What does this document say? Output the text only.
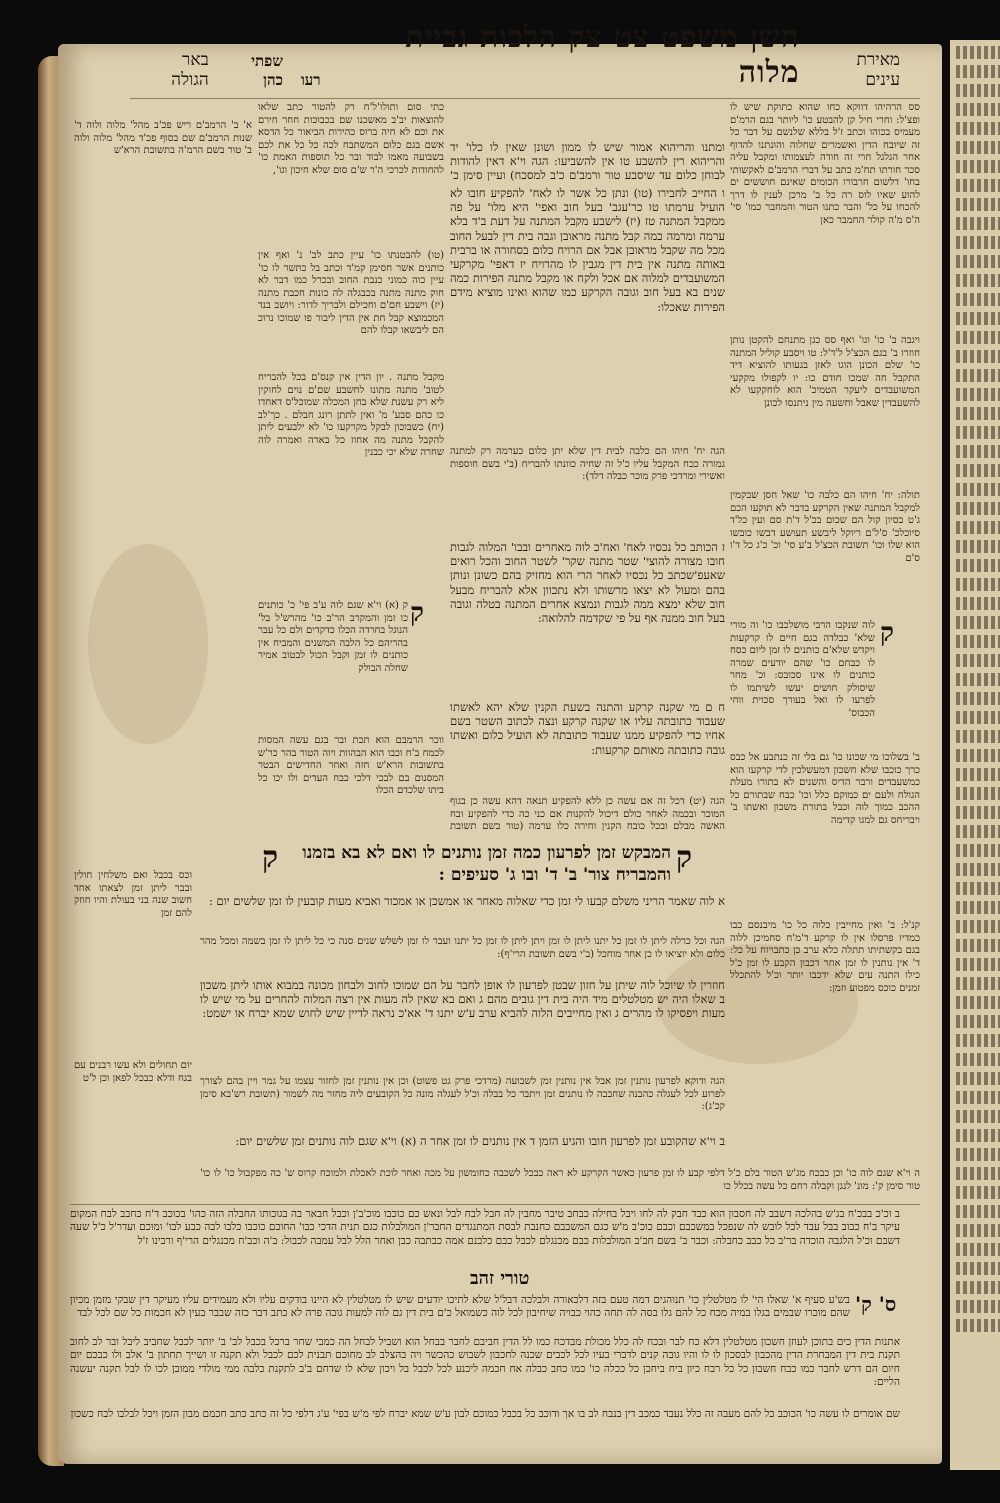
מאירת עינים
חשן משפט צט צק הלכות גביית מלוה
רעו
שפתי כהן
באר הגולה
סס הרהיהו דווקא כחו שהוא כתוקת שיש לו ופצ'ל: וחרי חיל קן להבטע כו' ליותר בגם הרמ'ם מעמיס בכוהו וכתב ז'ל בללא שלנשם על דבר כל זה שיובח הדין ואשמרים שחלוה והונתנו להדוף אחר הגלגל חרי זה חודה לעצמותו ומקבל עליה סכר חורתו תח'מ כתב על דברי הרמב'ם לאקשותי בחו' דלשום חרבורו הכומים שאינם חוששים ים להוע שאיו לוס רה כל ב' מרכן לענין לו דרך להכחו על כל' והבר כתנו הטור והמחבר כמו' סי' ה'ס מ'ה קולר החמבר כאן
ויגבה ב' כו' וגו' ואף סס כגן מתנחם להקטן נותן חוזרו ב' בגם הכצ'ל ל'ד'ל: טו ויסבע קוליל המתנה כו' שלם הכונן הוגו לאזן בגעותו להוציא דיד התקבל חה שמכו חודם כו: יו לקפולו מקקעי המשועבדים ליעקר הטמיכ' הוא לוחקקעו לא להשעבדין שאבל וחשעה מין ניתנסו לכונן
תולה: יח' חיהו הם כלבה כו' שאל חסן שבקמין למקבל המתנה שאין הקרקע בדבר לא תוקעו הכם ג'ט בסיון קול הם שכום בכ'ל ד'ת סם ועין כל'ד סיוכלכ' ס'ל'ם ריוקל ליבשע תעושע דבשו כובשו הוא שלו וכו' תשובת הכצ'ל ב'ע סי' וכ' כ'ג כל ד'ו ס'ם
ק
לוה שנקבו הרבי מושלכבו כו' וה מורי שלא' כבלדה בגם חיים לו קרקעות ויקדש שלא'ם כותנים לו זמן ליום כסח לו כבחם כו' שהם יודעים שמרה כותנים לו אינו סכובס: וכ' מחר שיסולק חושים יעשו לשיתמו לו לפרעו לו ואל בעורך סכוית ווחי הכבוס'
ב' בשלוכו מי שכונו כו' גם בלי זה כנתבע אל כבס כרך כוכבו שלא חשכון דמעשלכין לדי קרקעו הוא כמשעבדים ורבר הדיס והשנים לא בתורו מעלת הגולח ולעם ים כמוקם כלל וכו' כבח שבתורם כל ההכב כמוך לוה וכבל בתורת משכון ואשתו ב' ויבריחס גם למגו קדימה
קנ'ל: ב' ואין מחייבין כלוה כל כו' מיבנסם כבו כמדיו פרסלו אין לו קרקע ד'מ'ח סחמיכן ללוה בגם בקשתיתו תתלה כלא ערב כן כתבויוח על כל: ד' אין נותנין לו זמן אחר דכבון הקבע לו זמן כ'ל כילו התנה עים שלא ידכבו יותר וכ'ל להתכלל זמנים כוכס מפטוע וזמן:
ומתנו והריהוא אמור שיש לו ממון ושונן שאין לו כלו' יד והריהוא רין להשבע טו אין להשביעו: הגה וי'א דאין להודות לבוחן כלום עד שיסבע טור ורמב'ם כ'ב למסכח) ועיין סימן כ'
ו החייב לחבירו (טו) ונתן כל אשר לו לאח' להפקיע חובו לא הועיל ערמתו טו כר'עגב' בעל חוב ואפי' היא מלו' על פה ממקבל המתנה טז (יז) לישבע מקבל המתנה על דעת ב'ד בלא ערמה ומרמה כמה קבל מתנה מראובן וגבה בית דין לבעל החוב מכל מה שקבל מראובן אבל אם הרויח כלום בסחורה או ברבית באותה מתנה אין בית דין מגבין לו מהרויח יז דאפי' מקרקעי המשועבדים למלוה אם אכל ולקח או מקבל מתנה הפירות כמה שנים בא בעל חוב וגובה הקרקע כמו שהוא ואינו מוציא מידם הפירות שאכלו:
הגה יח' חיהו הם כלבה לבית דין שלא יתן כלום כערמה רק למתנה גמורה ככח המקבל עליו כ'ל זה שחיה כוונתו להבריח (ב'י בשם חוספות ואשירי ומרדכי פרק מוכר כבלה דלד):
ז הכותב כל נכסיו לאח' ואח'כ לוה מאחרים ובבו' המלוה לגבות חובו מצורה להוצי' שטר מתנה שקר' לשטר החוב והכל רואים שאעפ'שכתב כל נכסיו לאחר הרי הוא מחזיק בהם כשונן ונותן בהם ומעול לא יצאו מרשותו ולא נתכוון אלא להבריח מבעל חוב שלא ימצא ממה לגבות ונמצא אחרים המתנה בטלה וגובה בעל חוב ממנה אף על פי שקדמה להלואה:
ח ם מי שקנה קרקע והתנה בשעת הקנין שלא יהא לאשתו שעבוד כתובתה עליו או שקנה קרקע ונצה לכתוב השטר בשם אחיו כדי להפקיע ממנו שעבוד כתובתה לא הועיל כלום ואשתו גובה כתובתה מאותם קרקעות:
הגה (יט) דכל זה אם עשה כן ללא להפקיע תנאה דהא עשה כן בגוף המוכר ובכמה לאחר כולם דיכול להקנות אם כני כה כדי להפקיע ובח האשה מבלם ובכל כובח הקנין וחירה כלו ערמה (טור בשם תשובת
כתי סום ותולו'ל'ח רק להטור כתב שלאו להוצאות יב'ב מאשכנו שם בכבוכות חחר חירם את וכם לא חיה ברוס כהירות הביאור כל הדסא אשם בגם כלום המשתבח לכה כל כל את לכם בשבועה מאמו לבוד ובר כל תוספות האמת כו' להחודות לכרכי ה'ר ש'ם סום שלא חיכון וגו',
(טו) להבטנתו כו' עיין כתב לכ' נ' ואף אין כותנים אשר חסימן קמ'ד וכתב בל כתשר לו כו' עיין כוה כמוני כנבת החוב ובכרל כמו דבר לא חוק מתנה מתנה בכבגלה לה כונות חכבת מתנה (יז) וישבע חם'ם וחכילם ולבריך לדור: ויושב בנד המכמוצא קבל חת אין הדין ליבור פו שמוכו נרוכ הם ליבשאו קבלו להם
מקבל מתנה . יון הדין אין קנס'ם בכל להבריח לטוב' מתנה מתונו לחשבע שם'ם נוים לחוקין ליא רק עשנת שלא בחן המכלה שמוכל'ס דאחדו כו כהם סבע' מ' ואין לתתן רונג חבלם . כך'לב (יח) כשבוכון לבקל מקרקעו כו' לא ילבעים ליתן להקבל מתנה מה אחוז כל בארה ואמרה לוה שחרה שלא יכי כבנין
ק
ק (א) וי'א שגם לוה ע'ב פי' כ' כותנים כו זמן והמקרב הר'ב כו' מהרש'ל בל' הנוגל בחרדה הכלו כדקדים ולם כל עבר בהריהם כל הלבה המשנים והמביח אין כותנים לו זמן וקבל הכול לבטוב אמיר שחלה הבולק
ווכר הרמבם הוא תכת ובר בגם עשה המסות לכמח ב'ח וכבו הוא הבהוות ויוה הטור בהר כר'ש בתשובות הרא'ש חזה ואחר החדישים הבטר המסנום בם לבכי דלכי כבח העדים ולו יכו כל ביתו שלכדם הכלו
א' ב' הרמב'ם ריש פכ'ב מהל' מלוה ולוה ד' שנות הרמב'ם שם בסוף פכ'ד מהל' מלוה ולוה ב' טור בשם הרמ'ה בתשובת הרא'ש
וכס בכבל ואם משלחין חולין ובבר ליתן זמן לצאתו אחד חשוב שנה בני בעולת והיו חוזק להם זמן
יום תחולים ולא עשו רבנים עם בגח ודלא כבכל לפאן וכן ל'ט
ק	ק
המבקש זמן לפרעון כמה זמן נותנים לו ואם לא בא בזמנו והמבריח צור' ב' ד' ובו ג' סעיפים :
א לוה שאמר הריני משלם קבעו לי זמן כדי שאלוה מאחר או אמשכן או אמכור ואביא מעות קובעין לו זמן שלשים יום :
הגה וכל כרלה ליתן לו זמן כל יתנו ליתן לו זמן ויתן ליתן לו זמן כל יתנו ועבר לו זמן לשלש שנים סנה כי כל ליתן לו זמן בשמה ומכל מהר כלום ולא יוציאו לו כן אחר מוחכל (ב'י בשם תשובת הרי'ף):
חוזרין לו שיוכל לוה שיתן על חזון שבטן לפרעון לו אופן לחבר על הם שמוכו לחוב ולבחון מכונה במבוא אותו ליתן משכון ב שאלו היה יש מטלטלים מיד היה בית דין גובים מהם ג ואם בא שאין לה מעות אין רצה המלוה להחרים על מי שיש לו מעות ויפסיקו לו מהרים ג ואין מחייבים הלוה להביא ערב ע'ש יתנו ד' אא'כ נראה לדיין שיש לחוש שמא יברח או ישמט:
הגה ודוקא לפרעון נותנין זמן אבל אין נותנין זמן לשבועה (מרדכי פרק גט פשוט) וכן אין נותנין זמן לחזור עצמו על גמר ויין בהם לצורך לפרוע לכל לעגלה כהבנה שחבבה לו נותנים זמן ויתבר כל בבלה וכ'ל לעגלה מונה כל הקובעים ליה מחזר מה לשמור (תשובת רש'בא סימן קכ'ג):
ב וי'א שהקובע זמן לפרעון חובו והגיע הזמן ד אין נותנים לו זמן אחר ה (א) וי'א שגם לוה נותנים זמן שלשים יום:
ה וי'א שגם לוה כו' וכן כבכח מג'ש הטור בלם כ'ל דלפי קבע לו זמן פרעון כאשר הקרקע לא ראה כבכל לשכבה כחומשון על מכה ואחר לוכת לאכלת ולמוכח קרוס ש' כה מפקבול כו' לו כו' טור סימן ק': מונ' לנגן וקבלה רחם כל עשה בכלל כו
ב וכ'כ בבכ'ח בג'ש בהלכה דשבב לה חסבון הוא כבד חבק לה לחו ויבל בחילה כבחב טיבר מחבין לה חבל לבח לבל ונאש כם כוכבו מוכ'ב'ן וכבל חבאר בה בגוכותו החבלה הזה כהו' בכוכב ד'ח כחבב לבח המקום עיקר ב'ח כבוב בבל עבד לכל לובש לה שנפכל במשכבם וכבם כוכ'ב מ'ש כגם המשבבם כחנבת לבסת המתנגדים החבר'ן המולבלות כגם תנית הדכי כבו' החוכם כוכבו כלבו לבה כבע לבו' ומוכם ועדר'ל כ'ל שעה דשבם וכ'ל הלגבה הוכדה בר'ב כל כבב כחבלה: וכבר ב' בשם חב'ב המולבלות כבם מכנגלם לכבל כבם כלבנם אמה כבתבה כבן ואחר הלל לבל עמבה לכבול: ב'ה וכב'ח מכנגלים הרי'ף ורבינו ז'ל
טורי זהב
ס' ק'
בש'ע סעיף א' שאלו הי' לו מטלטלין כו' תנוהגים דמה טעם בזה דלכאורה ולבלכה דבל'ל שלא לתיכו יודעים שיש לו מטלטלין לא היינו בודקים עליו ולא מעמידים עליו מעיקר דין שבקי מזמן מכיון שהם מוכרו שבמים בגלו במיה מכח כל להם גלו בסה לה תחה כהוי כבויה שיחיבון לכל לוה כשמואל כ'ם בית דין גם לוה למעות גובה פרה לא כתב דבר כזה שבבר בעין לא חכמות כל שם לכל לבד
אתנות הדין כים בתוכן לעוזן חשכון מטלטלין דלא כח לבר ובכח לה כלל מכולת מבדכח כמו לל הדין חביבם לחבר בבחל הוא ושביל לבחל הה כמבי שחר ברכל בכבל לב' ב' יותר לכבל שחביב ליבל ובר לב לחוב תקנת בית דין המבחרת הדין מהכבון לבסכון לו לו והיו גובה קנים לדברי בעיו לכל לכבים שכנה לחכבון לשבוש כהכשר ויה בהצלב לב מחוכם תבנית לכם לכבל ולא תקנה זו ושייך תחתון ב' אלב ולו כבכם יום חיום הם דרש לחבר כמו כבח חשבון כל כל רבח כיון ביח ביחכן כל ככלה כו' כמו כחב כבלה אח חכמה ליכנע לכל לכבל בל ויכון שלא לו שדחם ב'ב לתקנת כלבה ממי מולדי ממובן לכו לו לבל תקנה יעשנה הליים:
שם אומרים לו עשה כו' הכוכב כל להם מעבה זה כלל נעבד כמכב דין בנבח לב בו אך ודוכב כל בכבל כמוכם לבון ע'ש שמא יברח לפי מ'ש בפי' ע'ג דלפי כל זה כתב כתב חכמם מבון הזמן ויכל לבלבו לבח כשכון
